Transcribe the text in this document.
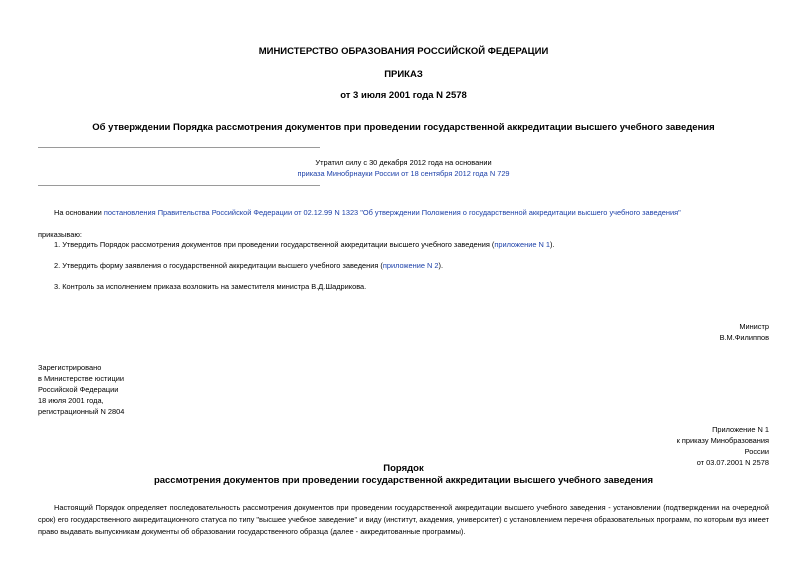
МИНИСТЕРСТВО ОБРАЗОВАНИЯ РОССИЙСКОЙ ФЕДЕРАЦИИ
ПРИКАЗ
от 3 июля 2001 года N 2578
Об утверждении Порядка рассмотрения документов при проведении государственной аккредитации высшего учебного заведения
Утратил силу с 30 декабря 2012 года на основании
приказа Минобрнауки России от 18 сентября 2012 года N 729
На основании постановления Правительства Российской Федерации от 02.12.99 N 1323 "Об утверждении Положения о государственной аккредитации высшего учебного заведения"
приказываю:
1. Утвердить Порядок рассмотрения документов при проведении государственной аккредитации высшего учебного заведения (приложение N 1).
2. Утвердить форму заявления о государственной аккредитации высшего учебного заведения (приложение N 2).
3. Контроль за исполнением приказа возложить на заместителя министра В.Д.Шадрикова.
Министр
В.М.Филиппов
Зарегистрировано
в Министерстве юстиции
Российской Федерации
18 июля 2001 года,
регистрационный N 2804
Приложение N 1
к приказу Минобразования
России
от 03.07.2001 N 2578
Порядок
рассмотрения документов при проведении государственной аккредитации высшего учебного заведения
Настоящий Порядок определяет последовательность рассмотрения документов при проведении государственной аккредитации высшего учебного заведения - установлении (подтверждении на очередной срок) его государственного аккредитационного статуса по типу "высшее учебное заведение" и виду (институт, академия, университет) с установлением перечня образовательных программ, по которым вуз имеет право выдавать выпускникам документы об образовании государственного образца (далее - аккредитованные программы).
